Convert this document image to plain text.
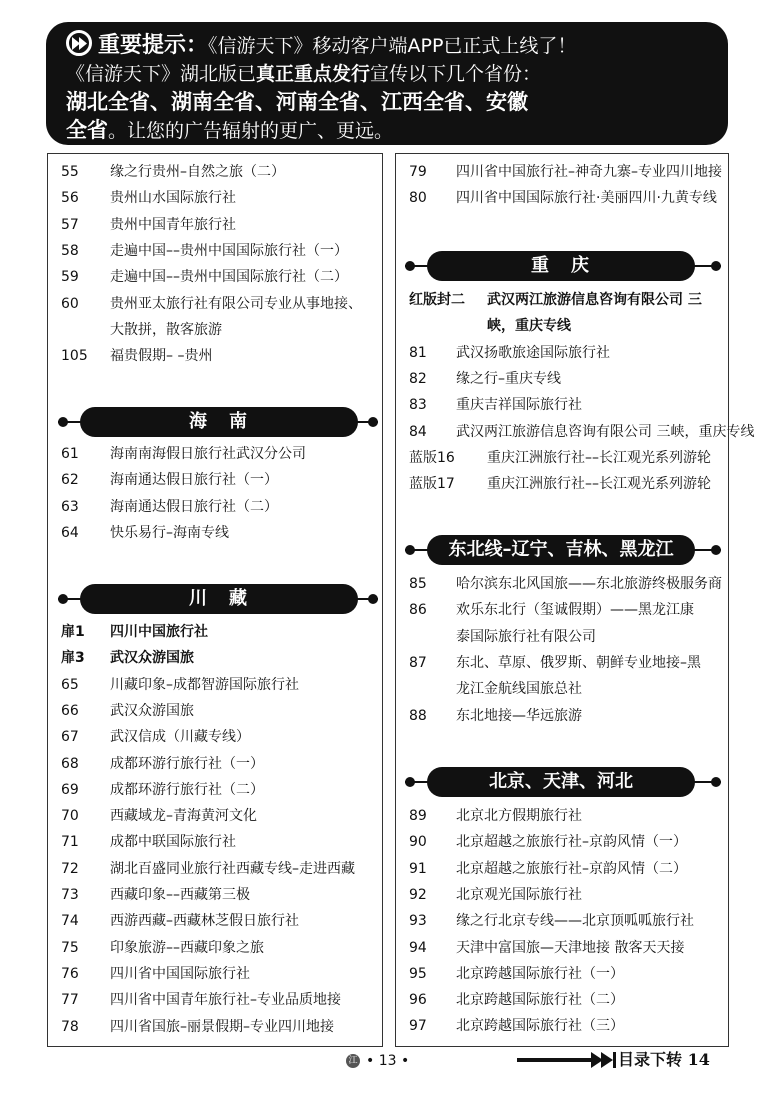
重要提示：《信游天下》移动客户端APP已正式上线了！
《信游天下》湖北版已真正重点发行宣传以下几个省份：
湖北全省、湖南全省、河南全省、江西全省、安徽
全省。让您的广告辐射的更广、更远。
海　南
川　藏
重　庆
东北线–辽宁、吉林、黑龙江
北京、天津、河北
55 缘之行贵州–自然之旅（二）
56 贵州山水国际旅行社
57 贵州中国青年旅行社
58 走遍中国––贵州中国国际旅行社（一）
59 走遍中国––贵州中国国际旅行社（二）
60 贵州亚太旅行社有限公司专业从事地接、
大散拼，散客旅游
105 福贵假期– –贵州
61 海南南海假日旅行社武汉分公司
62 海南通达假日旅行社（一）
63 海南通达假日旅行社（二）
64 快乐易行–海南专线
扉1 四川中国旅行社
扉3 武汉众游国旅
65 川藏印象–成都智游国际旅行社
66 武汉众游国旅
67 武汉信成（川藏专线）
68 成都环游行旅行社（一）
69 成都环游行旅行社（二）
70 西藏域龙–青海黄河文化
71 成都中联国际旅行社
72 湖北百盛同业旅行社西藏专线–走进西藏
73 西藏印象––西藏第三极
74 西游西藏–西藏林芝假日旅行社
75 印象旅游––西藏印象之旅
76 四川省中国国际旅行社
77 四川省中国青年旅行社–专业品质地接
78 四川省国旅–丽景假期–专业四川地接
79 四川省中国旅行社–神奇九寨–专业四川地接
80 四川省中国国际旅行社·美丽四川·九黄专线
红版封二 武汉两江旅游信息咨询有限公司 三
峡，重庆专线
81 武汉扬歌旅途国际旅行社
82 缘之行–重庆专线
83 重庆吉祥国际旅行社
84 武汉两江旅游信息咨询有限公司 三峡，重庆专线
蓝版16 重庆江洲旅行社––长江观光系列游轮
蓝版17 重庆江洲旅行社––长江观光系列游轮
85 哈尔滨东北风国旅——东北旅游终极服务商
86 欢乐东北行（玺诚假期）——黑龙江康
泰国际旅行社有限公司
87 东北、草原、俄罗斯、朝鲜专业地接–黑
龙江金航线国旅总社
88 东北地接—华远旅游
89 北京北方假期旅行社
90 北京超越之旅旅行社–京韵风情（一）
91 北京超越之旅旅行社–京韵风情（二）
92 北京观光国际旅行社
93 缘之行北京专线——北京顶呱呱旅行社
94 天津中富国旅—天津地接 散客天天接
95 北京跨越国际旅行社（一）
96 北京跨越国际旅行社（二）
97 北京跨越国际旅行社（三）
江 • 13 •	目录下转 14
